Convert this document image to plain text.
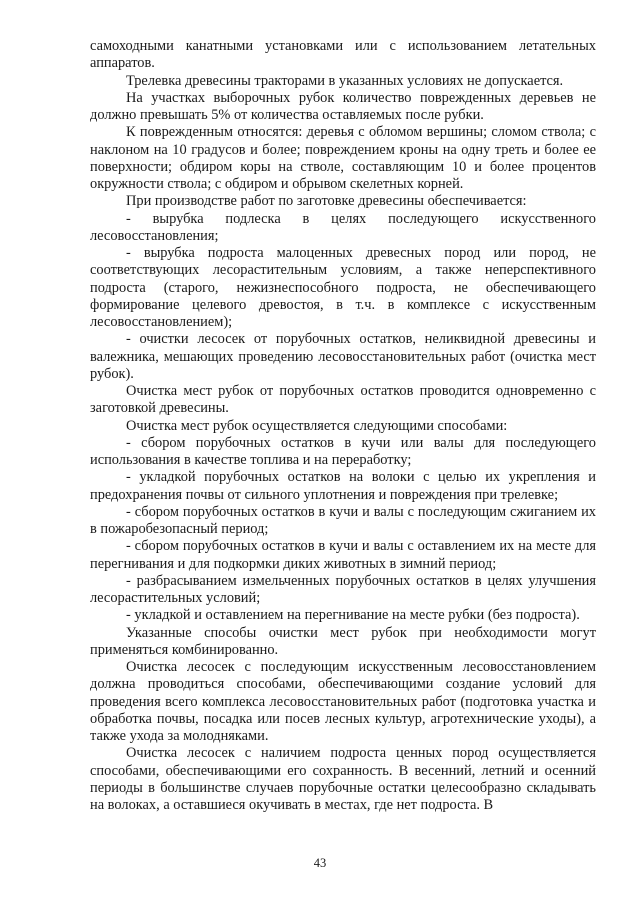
самоходными канатными установками или с использованием летательных аппаратов.

Трелевка древесины тракторами в указанных условиях не допускается.

На участках выборочных рубок количество поврежденных деревьев не должно превышать 5% от количества оставляемых после рубки.

К поврежденным относятся: деревья с обломом вершины; сломом ствола; с наклоном на 10 градусов и более; повреждением кроны на одну треть и более ее поверхности; обдиром коры на стволе, составляющим 10 и более процентов окружности ствола; с обдиром и обрывом скелетных корней.

При производстве работ по заготовке древесины обеспечивается:

- вырубка подлеска в целях последующего искусственного лесовосстановления;

- вырубка подроста малоценных древесных пород или пород, не соответствующих лесорастительным условиям, а также неперспективного подроста (старого, нежизнеспособного подроста, не обеспечивающего формирование целевого древостоя, в т.ч. в комплексе с искусственным лесовосстановлением);

- очистки лесосек от порубочных остатков, неликвидной древесины и валежника, мешающих проведению лесовосстановительных работ (очистка мест рубок).

Очистка мест рубок от порубочных остатков проводится одновременно с заготовкой древесины.

Очистка мест рубок осуществляется следующими способами:

- сбором порубочных остатков в кучи или валы для последующего использования в качестве топлива и на переработку;

- укладкой порубочных остатков на волоки с целью их укрепления и предохранения почвы от сильного уплотнения и повреждения при трелевке;

- сбором порубочных остатков в кучи и валы с последующим сжиганием их в пожаробезопасный период;

- сбором порубочных остатков в кучи и валы с оставлением их на месте для перегнивания и для подкормки диких животных в зимний период;

- разбрасыванием измельченных порубочных остатков в целях улучшения лесорастительных условий;

- укладкой и оставлением на перегнивание на месте рубки (без подроста).

Указанные способы очистки мест рубок при необходимости могут применяться комбинированно.

Очистка лесосек с последующим искусственным лесовосстановлением должна проводиться способами, обеспечивающими создание условий для проведения всего комплекса лесовосстановительных работ (подготовка участка и обработка почвы, посадка или посев лесных культур, агротехнические уходы), а также ухода за молодняками.

Очистка лесосек с наличием подроста ценных пород осуществляется способами, обеспечивающими его сохранность. В весенний, летний и осенний периоды в большинстве случаев порубочные остатки целесообразно складывать на волоках, а оставшиеся окучивать в местах, где нет подроста. В

43
